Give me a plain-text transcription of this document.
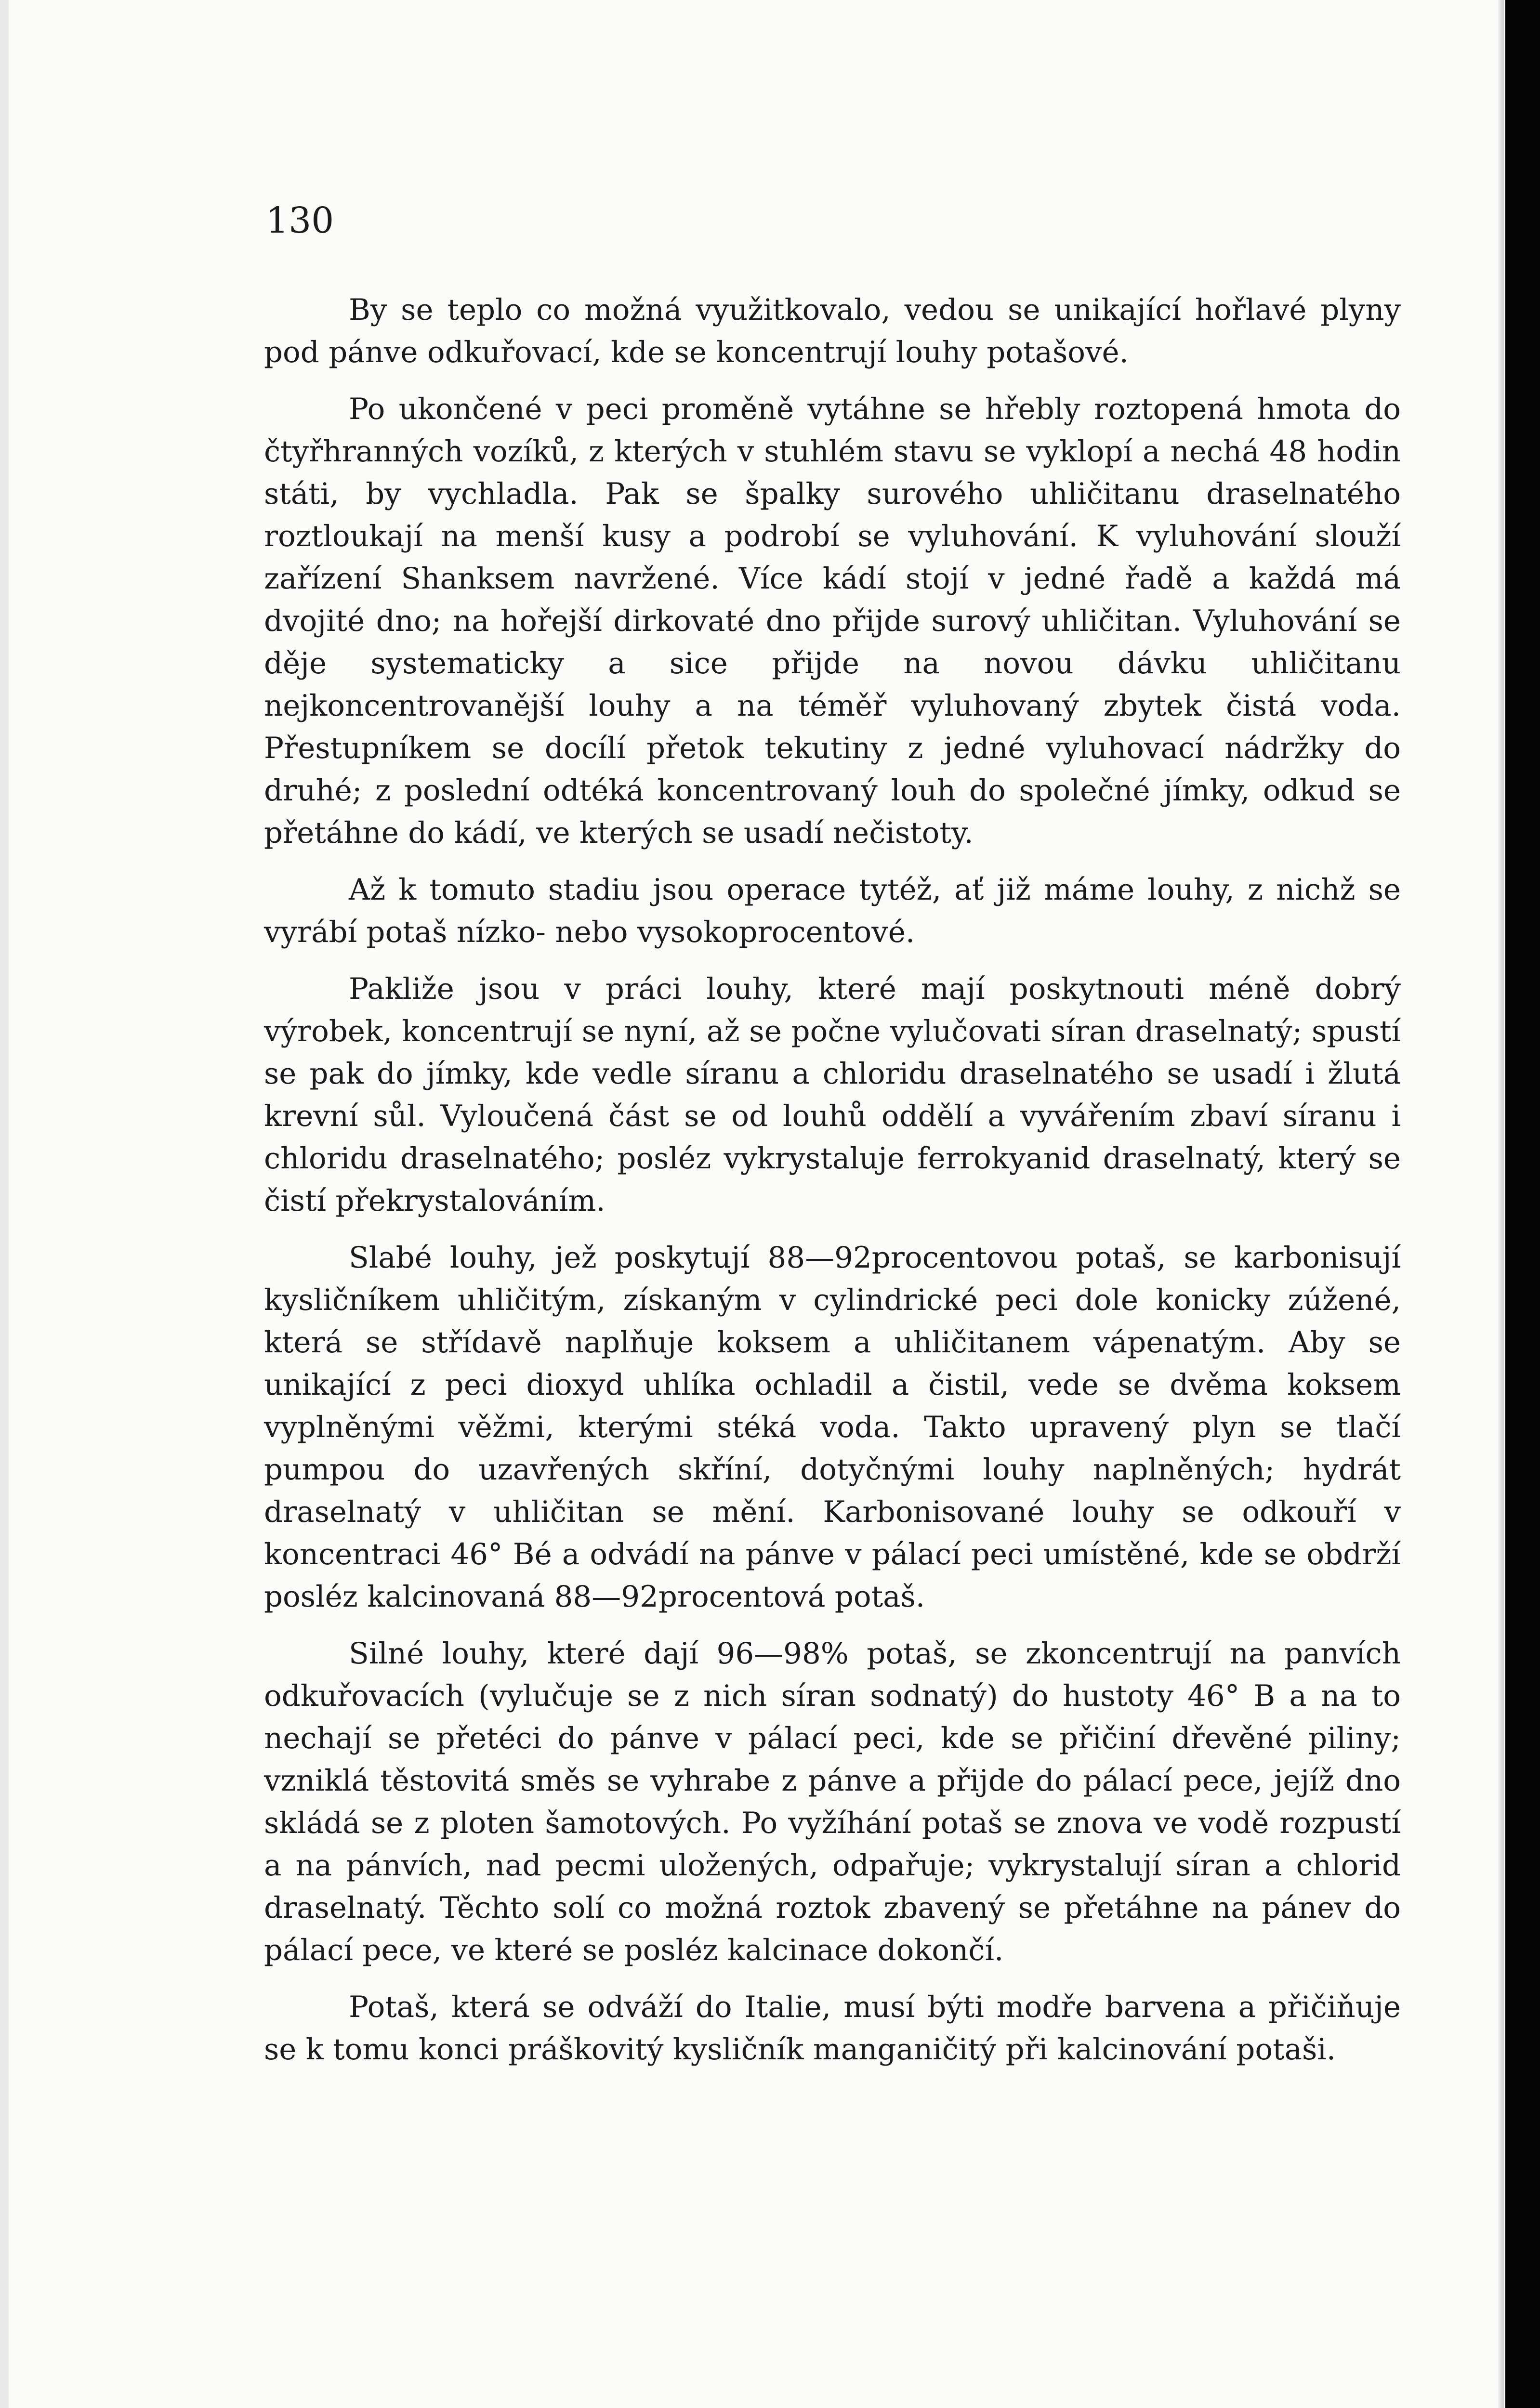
130

By se teplo co možná využitkovalo, vedou se unikající hořlavé plyny pod pánve odkuřovací, kde se koncentrují louhy potašové.

Po ukončené v peci proměně vytáhne se hřebly roztopená hmota do čtyřhranných vozíků, z kterých v stuhlém stavu se vyklopí a nechá 48 hodin státi, by vychladla. Pak se špalky surového uhličitanu draselnatého roztloukají na menší kusy a podrobí se vyluhování. K vyluhování slouží zařízení Shanksem navržené. Více kádí stojí v jedné řadě a každá má dvojité dno; na hořejší dirkovaté dno přijde surový uhličitan. Vyluhování se děje systematicky a sice přijde na novou dávku uhličitanu nejkoncentrovanější louhy a na téměř vyluhovaný zbytek čistá voda. Přestupníkem se docílí přetok tekutiny z jedné vyluhovací nádržky do druhé; z poslední odtéká koncentrovaný louh do společné jímky, odkud se přetáhne do kádí, ve kterých se usadí nečistoty.

Až k tomuto stadiu jsou operace tytéž, ať již máme louhy, z nichž se vyrábí potaš nízko- nebo vysokoprocentové.

Pakliže jsou v práci louhy, které mají poskytnouti méně dobrý výrobek, koncentrují se nyní, až se počne vylučovati síran draselnatý; spustí se pak do jímky, kde vedle síranu a chloridu draselnatého se usadí i žlutá krevní sůl. Vyloučená část se od louhů oddělí a vyvářením zbaví síranu i chloridu draselnatého; posléz vykrystaluje ferrokyanid draselnatý, který se čistí překrystalováním.

Slabé louhy, jež poskytují 88—92procentovou potaš, se karbonisují kysličníkem uhličitým, získaným v cylindrické peci dole konicky zúžené, která se střídavě naplňuje koksem a uhličitanem vápenatým. Aby se unikající z peci dioxyd uhlíka ochladil a čistil, vede se dvěma koksem vyplněnými věžmi, kterými stéká voda. Takto upravený plyn se tlačí pumpou do uzavřených skříní, dotyčnými louhy naplněných; hydrát draselnatý v uhličitan se mění. Karbonisované louhy se odkouří v koncentraci 46° Bé a odvádí na pánve v pálací peci umístěné, kde se obdrží posléz kalcinovaná 88—92procentová potaš.

Silné louhy, které dají 96—98% potaš, se zkoncentrují na panvích odkuřovacích (vylučuje se z nich síran sodnatý) do hustoty 46° B a na to nechají se přetéci do pánve v pálací peci, kde se přičiní dřevěné piliny; vzniklá těstovitá směs se vyhrabe z pánve a přijde do pálací pece, jejíž dno skládá se z ploten šamotových. Po vyžíhání potaš se znova ve vodě rozpustí a na pánvích, nad pecmi uložených, odpařuje; vykrystalují síran a chlorid draselnatý. Těchto solí co možná roztok zbavený se přetáhne na pánev do pálací pece, ve které se posléz kalcinace dokončí.

Potaš, která se odváží do Italie, musí býti modře barvena a přičiňuje se k tomu konci práškovitý kysličník manganičitý při kalcinování potaši.
